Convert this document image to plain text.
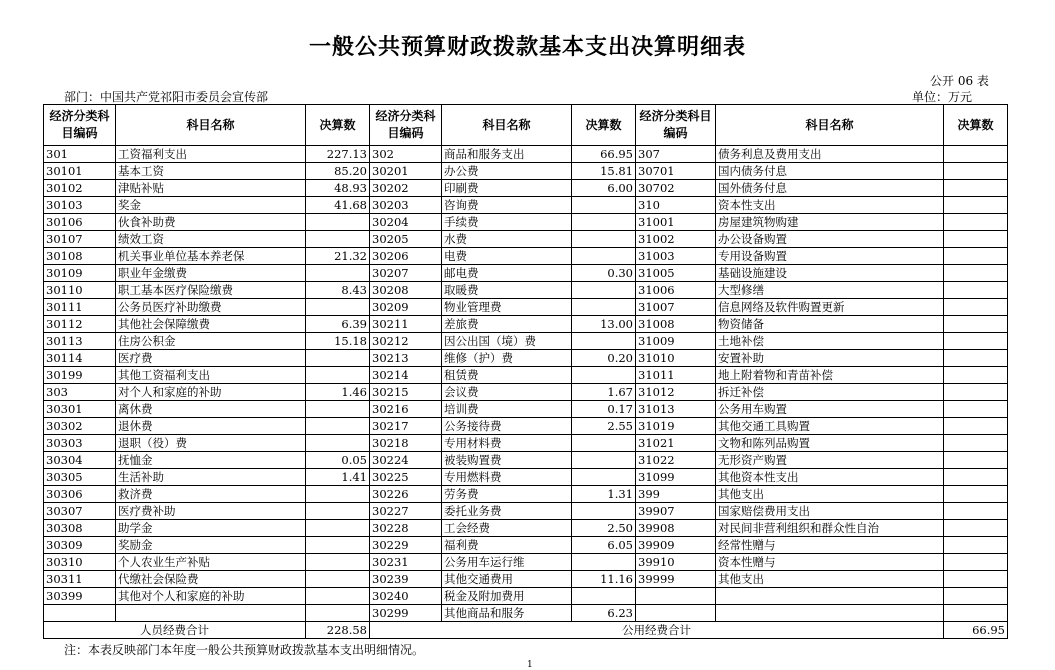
一般公共预算财政拨款基本支出决算明细表
公开 06 表
部门：中国共产党祁阳市委员会宣传部	单位：万元
经济分类科目编码	科目名称	决算数	经济分类科目编码	科目名称	决算数	经济分类科目编码	科目名称	决算数
301	工资福利支出	227.13	302	商品和服务支出	66.95	307	债务利息及费用支出	
30101	基本工资	85.20	30201	办公费	15.81	30701	国内债务付息	
30102	津贴补贴	48.93	30202	印刷费	6.00	30702	国外债务付息	
30103	奖金	41.68	30203	咨询费		310	资本性支出	
30106	伙食补助费		30204	手续费		31001	房屋建筑物购建	
30107	绩效工资		30205	水费		31002	办公设备购置	
30108	机关事业单位基本养老保	21.32	30206	电费		31003	专用设备购置	
30109	职业年金缴费		30207	邮电费	0.30	31005	基础设施建设	
30110	职工基本医疗保险缴费	8.43	30208	取暖费		31006	大型修缮	
30111	公务员医疗补助缴费		30209	物业管理费		31007	信息网络及软件购置更新	
30112	其他社会保障缴费	6.39	30211	差旅费	13.00	31008	物资储备	
30113	住房公积金	15.18	30212	因公出国（境）费		31009	土地补偿	
30114	医疗费		30213	维修（护）费	0.20	31010	安置补助	
30199	其他工资福利支出		30214	租赁费		31011	地上附着物和青苗补偿	
303	对个人和家庭的补助	1.46	30215	会议费	1.67	31012	拆迁补偿	
30301	离休费		30216	培训费	0.17	31013	公务用车购置	
30302	退休费		30217	公务接待费	2.55	31019	其他交通工具购置	
30303	退职（役）费		30218	专用材料费		31021	文物和陈列品购置	
30304	抚恤金	0.05	30224	被装购置费		31022	无形资产购置	
30305	生活补助	1.41	30225	专用燃料费		31099	其他资本性支出	
30306	救济费		30226	劳务费	1.31	399	其他支出	
30307	医疗费补助		30227	委托业务费		39907	国家赔偿费用支出	
30308	助学金		30228	工会经费	2.50	39908	对民间非营利组织和群众性自治	
30309	奖励金		30229	福利费	6.05	39909	经常性赠与	
30310	个人农业生产补贴		30231	公务用车运行维		39910	资本性赠与	
30311	代缴社会保险费		30239	其他交通费用	11.16	39999	其他支出	
30399	其他对个人和家庭的补助		30240	税金及附加费用				
			30299	其他商品和服务	6.23			
人员经费合计		228.58	公用经费合计					66.95
注：本表反映部门本年度一般公共预算财政拨款基本支出明细情况。
1
